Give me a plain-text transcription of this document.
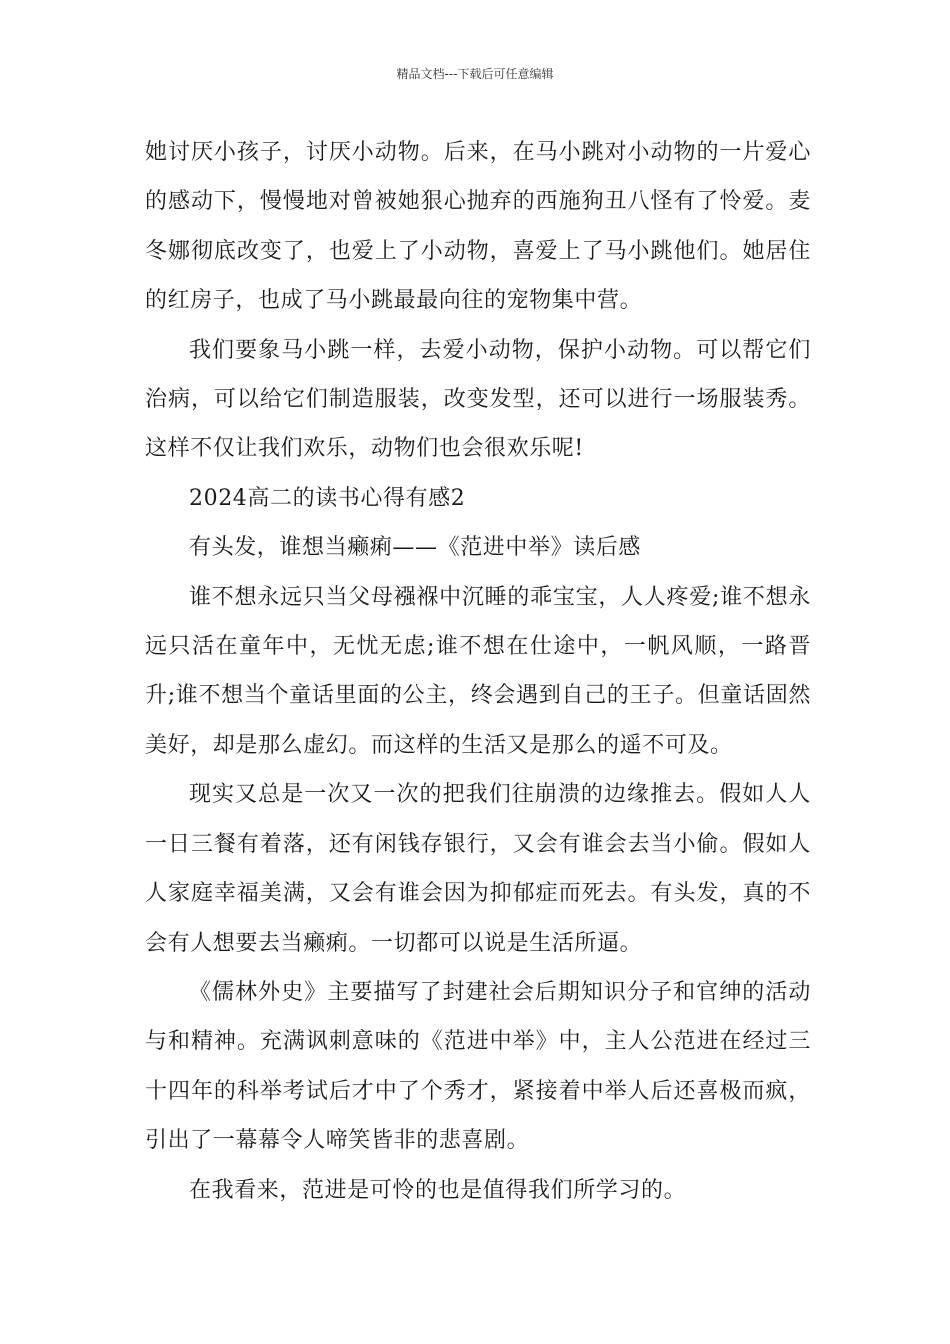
精品文档---下载后可任意编辑

她讨厌小孩子，讨厌小动物。后来，在马小跳对小动物的一片爱心的感动下，慢慢地对曾被她狠心抛弃的西施狗丑八怪有了怜爱。麦冬娜彻底改变了，也爱上了小动物，喜爱上了马小跳他们。她居住的红房子，也成了马小跳最最向往的宠物集中营。

我们要象马小跳一样，去爱小动物，保护小动物。可以帮它们治病，可以给它们制造服装，改变发型，还可以进行一场服装秀。这样不仅让我们欢乐，动物们也会很欢乐呢!

2024高二的读书心得有感2

有头发，谁想当癞痢——《范进中举》读后感

谁不想永远只当父母襁褓中沉睡的乖宝宝，人人疼爱;谁不想永远只活在童年中，无忧无虑;谁不想在仕途中，一帆风顺，一路晋升;谁不想当个童话里面的公主，终会遇到自己的王子。但童话固然美好，却是那么虚幻。而这样的生活又是那么的遥不可及。

现实又总是一次又一次的把我们往崩溃的边缘推去。假如人人一日三餐有着落，还有闲钱存银行，又会有谁会去当小偷。假如人人家庭幸福美满，又会有谁会因为抑郁症而死去。有头发，真的不会有人想要去当癞痢。一切都可以说是生活所逼。

《儒林外史》主要描写了封建社会后期知识分子和官绅的活动与和精神。充满讽刺意味的《范进中举》中，主人公范进在经过三十四年的科举考试后才中了个秀才，紧接着中举人后还喜极而疯，引出了一幕幕令人啼笑皆非的悲喜剧。

在我看来，范进是可怜的也是值得我们所学习的。
